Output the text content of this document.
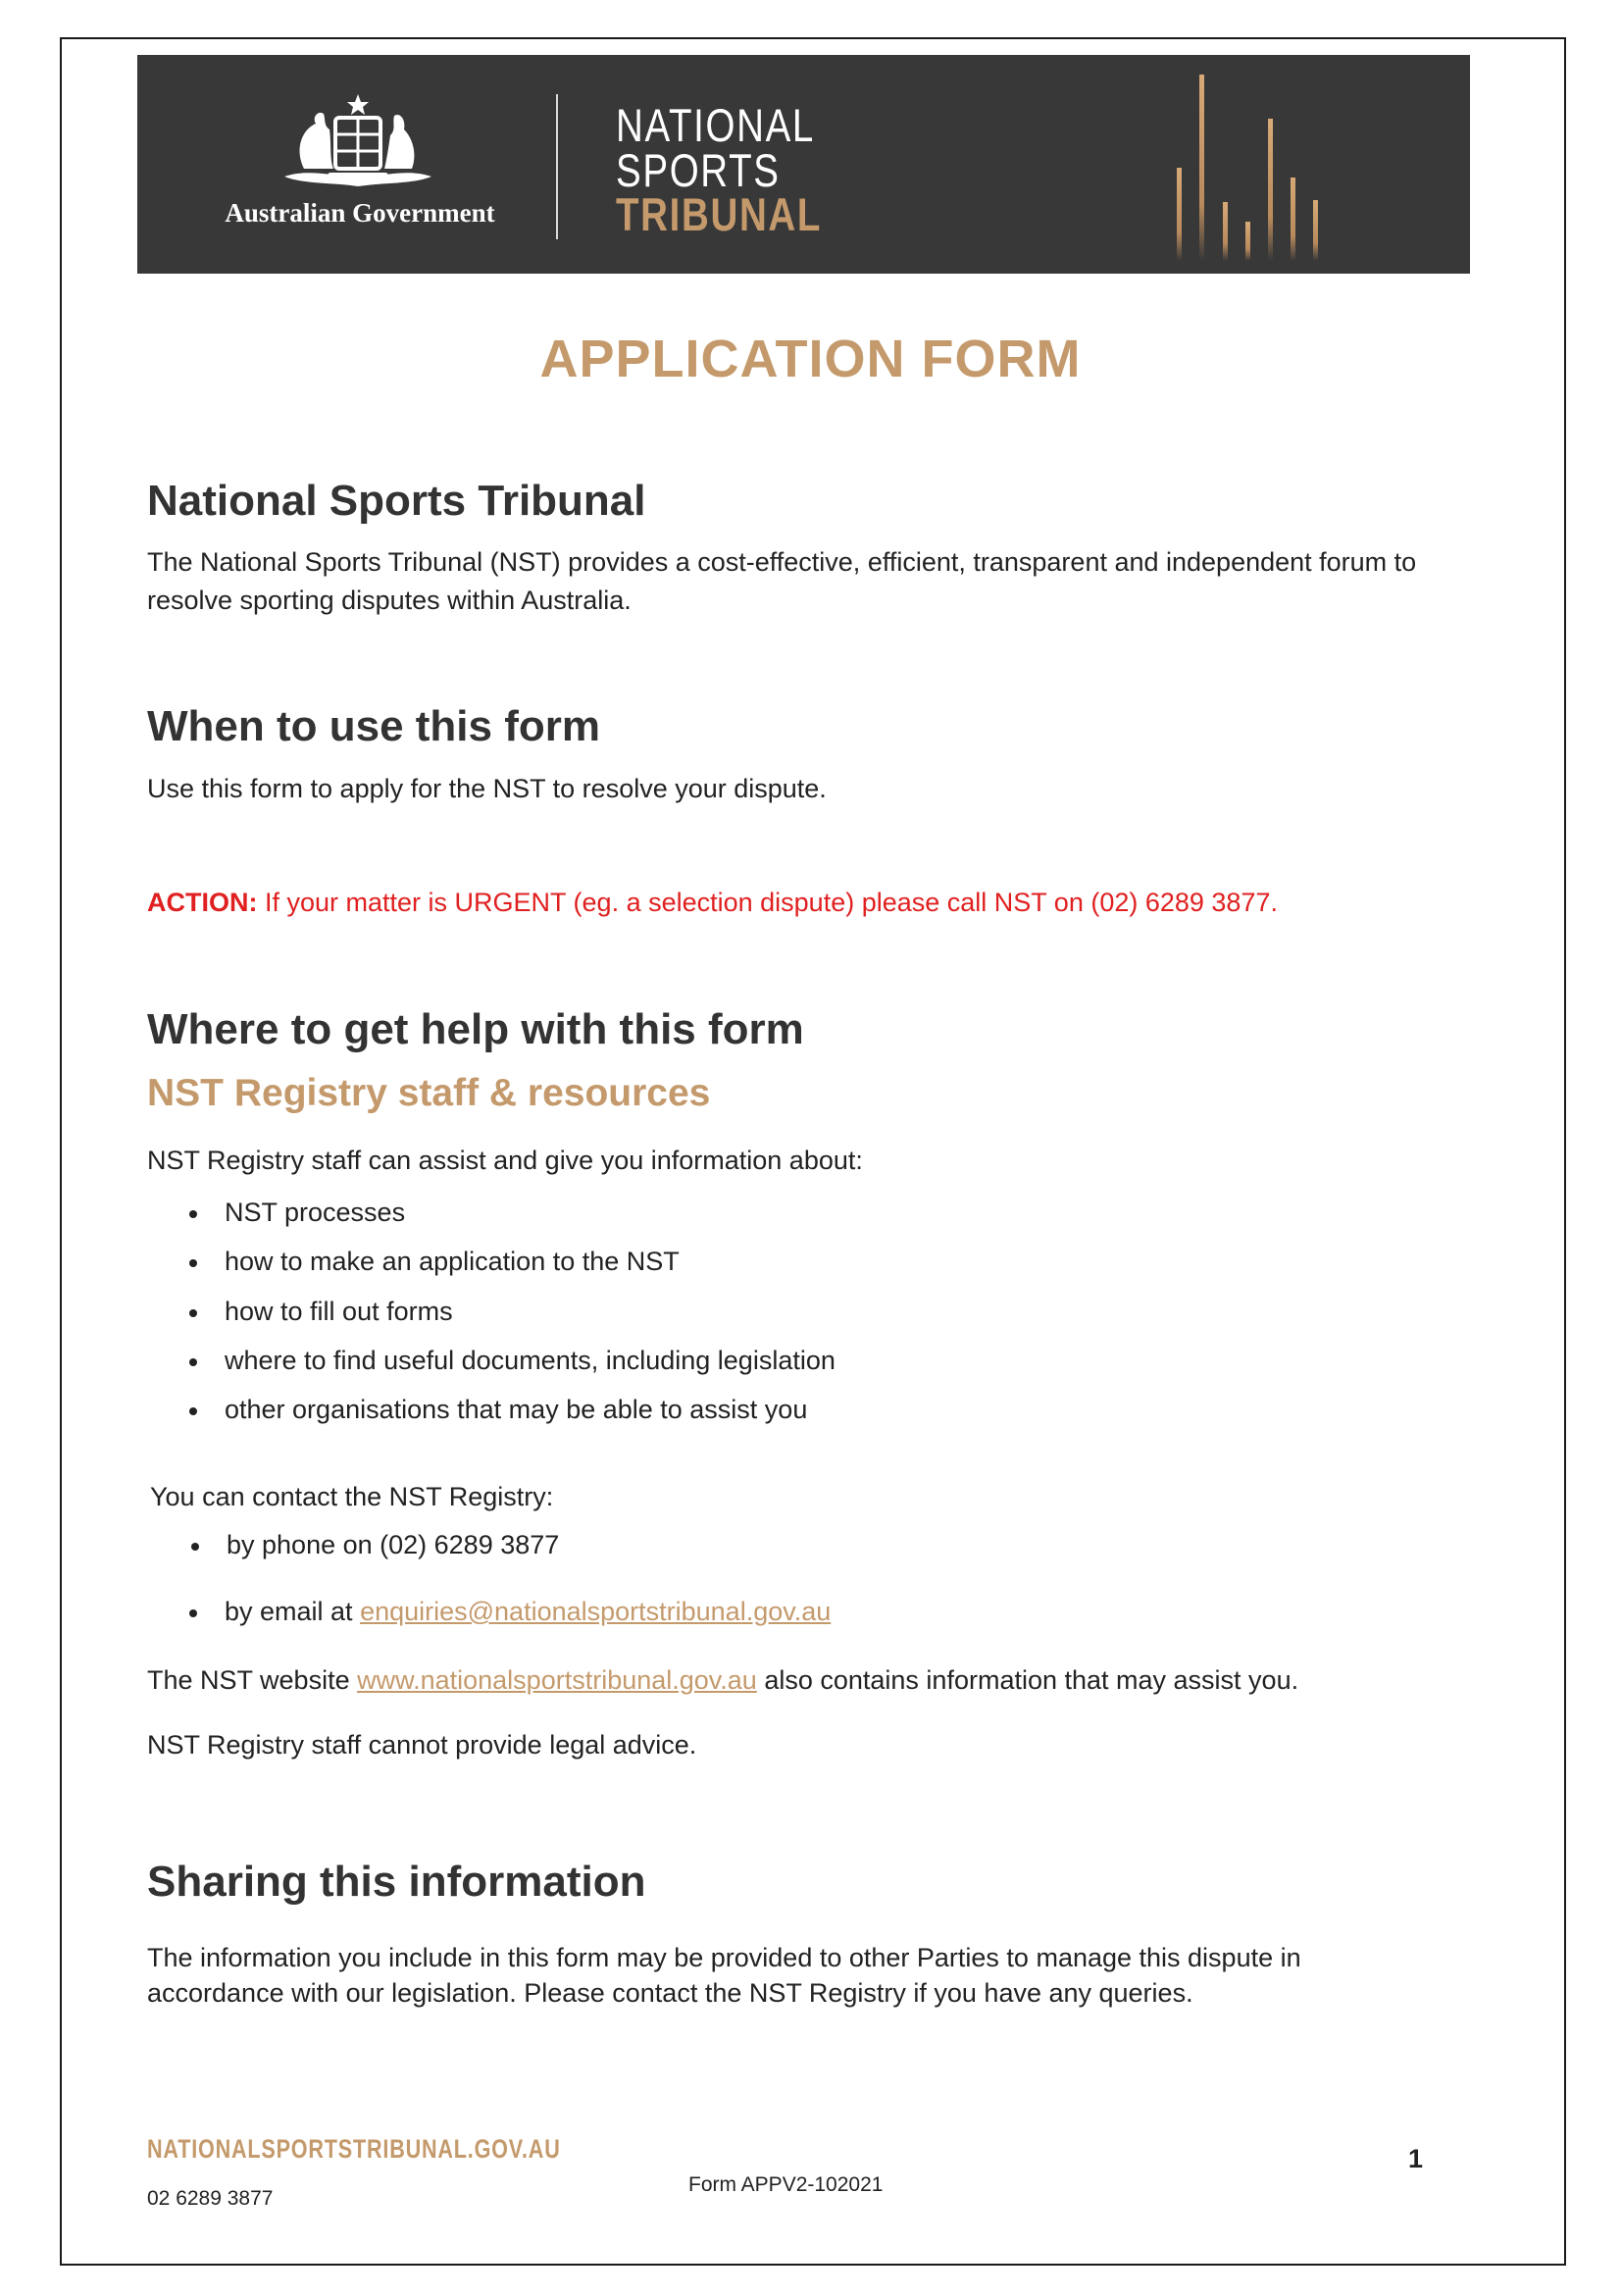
Australian Government
NATIONAL
SPORTS
TRIBUNAL
APPLICATION FORM
National Sports Tribunal
The National Sports Tribunal (NST) provides a cost-effective, efficient, transparent and independent forum to
resolve sporting disputes within Australia.
When to use this form
Use this form to apply for the NST to resolve your dispute.
ACTION: If your matter is URGENT (eg. a selection dispute) please call NST on (02) 6289 3877.
Where to get help with this form
NST Registry staff & resources
NST Registry staff can assist and give you information about:
NST processes
how to make an application to the NST
how to fill out forms
where to find useful documents, including legislation
other organisations that may be able to assist you
You can contact the NST Registry:
by phone on (02) 6289 3877
by email at enquiries@nationalsportstribunal.gov.au
The NST website www.nationalsportstribunal.gov.au also contains information that may assist you.
NST Registry staff cannot provide legal advice.
Sharing this information
The information you include in this form may be provided to other Parties to manage this dispute in
accordance with our legislation. Please contact the NST Registry if you have any queries.
NATIONALSPORTSTRIBUNAL.GOV.AU
02 6289 3877
Form APPV2-102021
1
